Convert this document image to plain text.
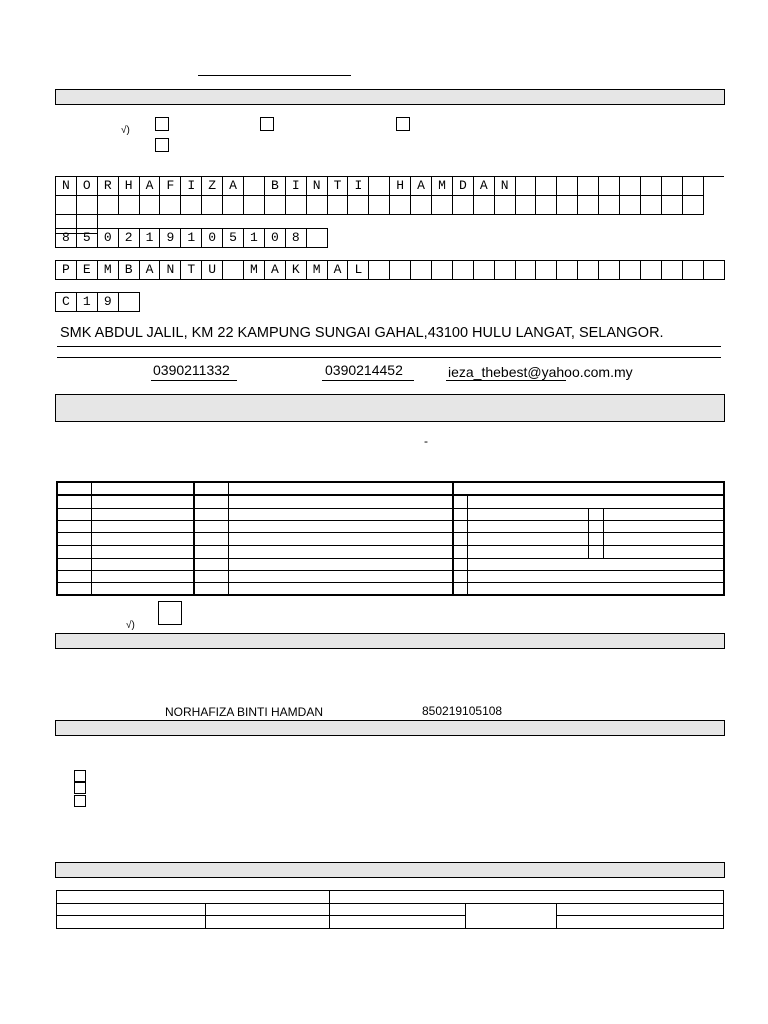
√)
N	O	R	H	A	F	I	Z	A	B	I	N	T	I	H	A	M	D	A	N
8	5	0	2	1	9	1	0	5	1	0	8
P	E	M	B	A	N	T	U	M	A	K	M	A	L
C	1	9
SMK ABDUL JALIL, KM 22 KAMPUNG SUNGAI GAHAL,43100 HULU LANGAT, SELANGOR.
0390211332	0390214452	ieza_thebest@yahoo.com.my
-
√)
NORHAFIZA BINTI HAMDAN	850219105108
